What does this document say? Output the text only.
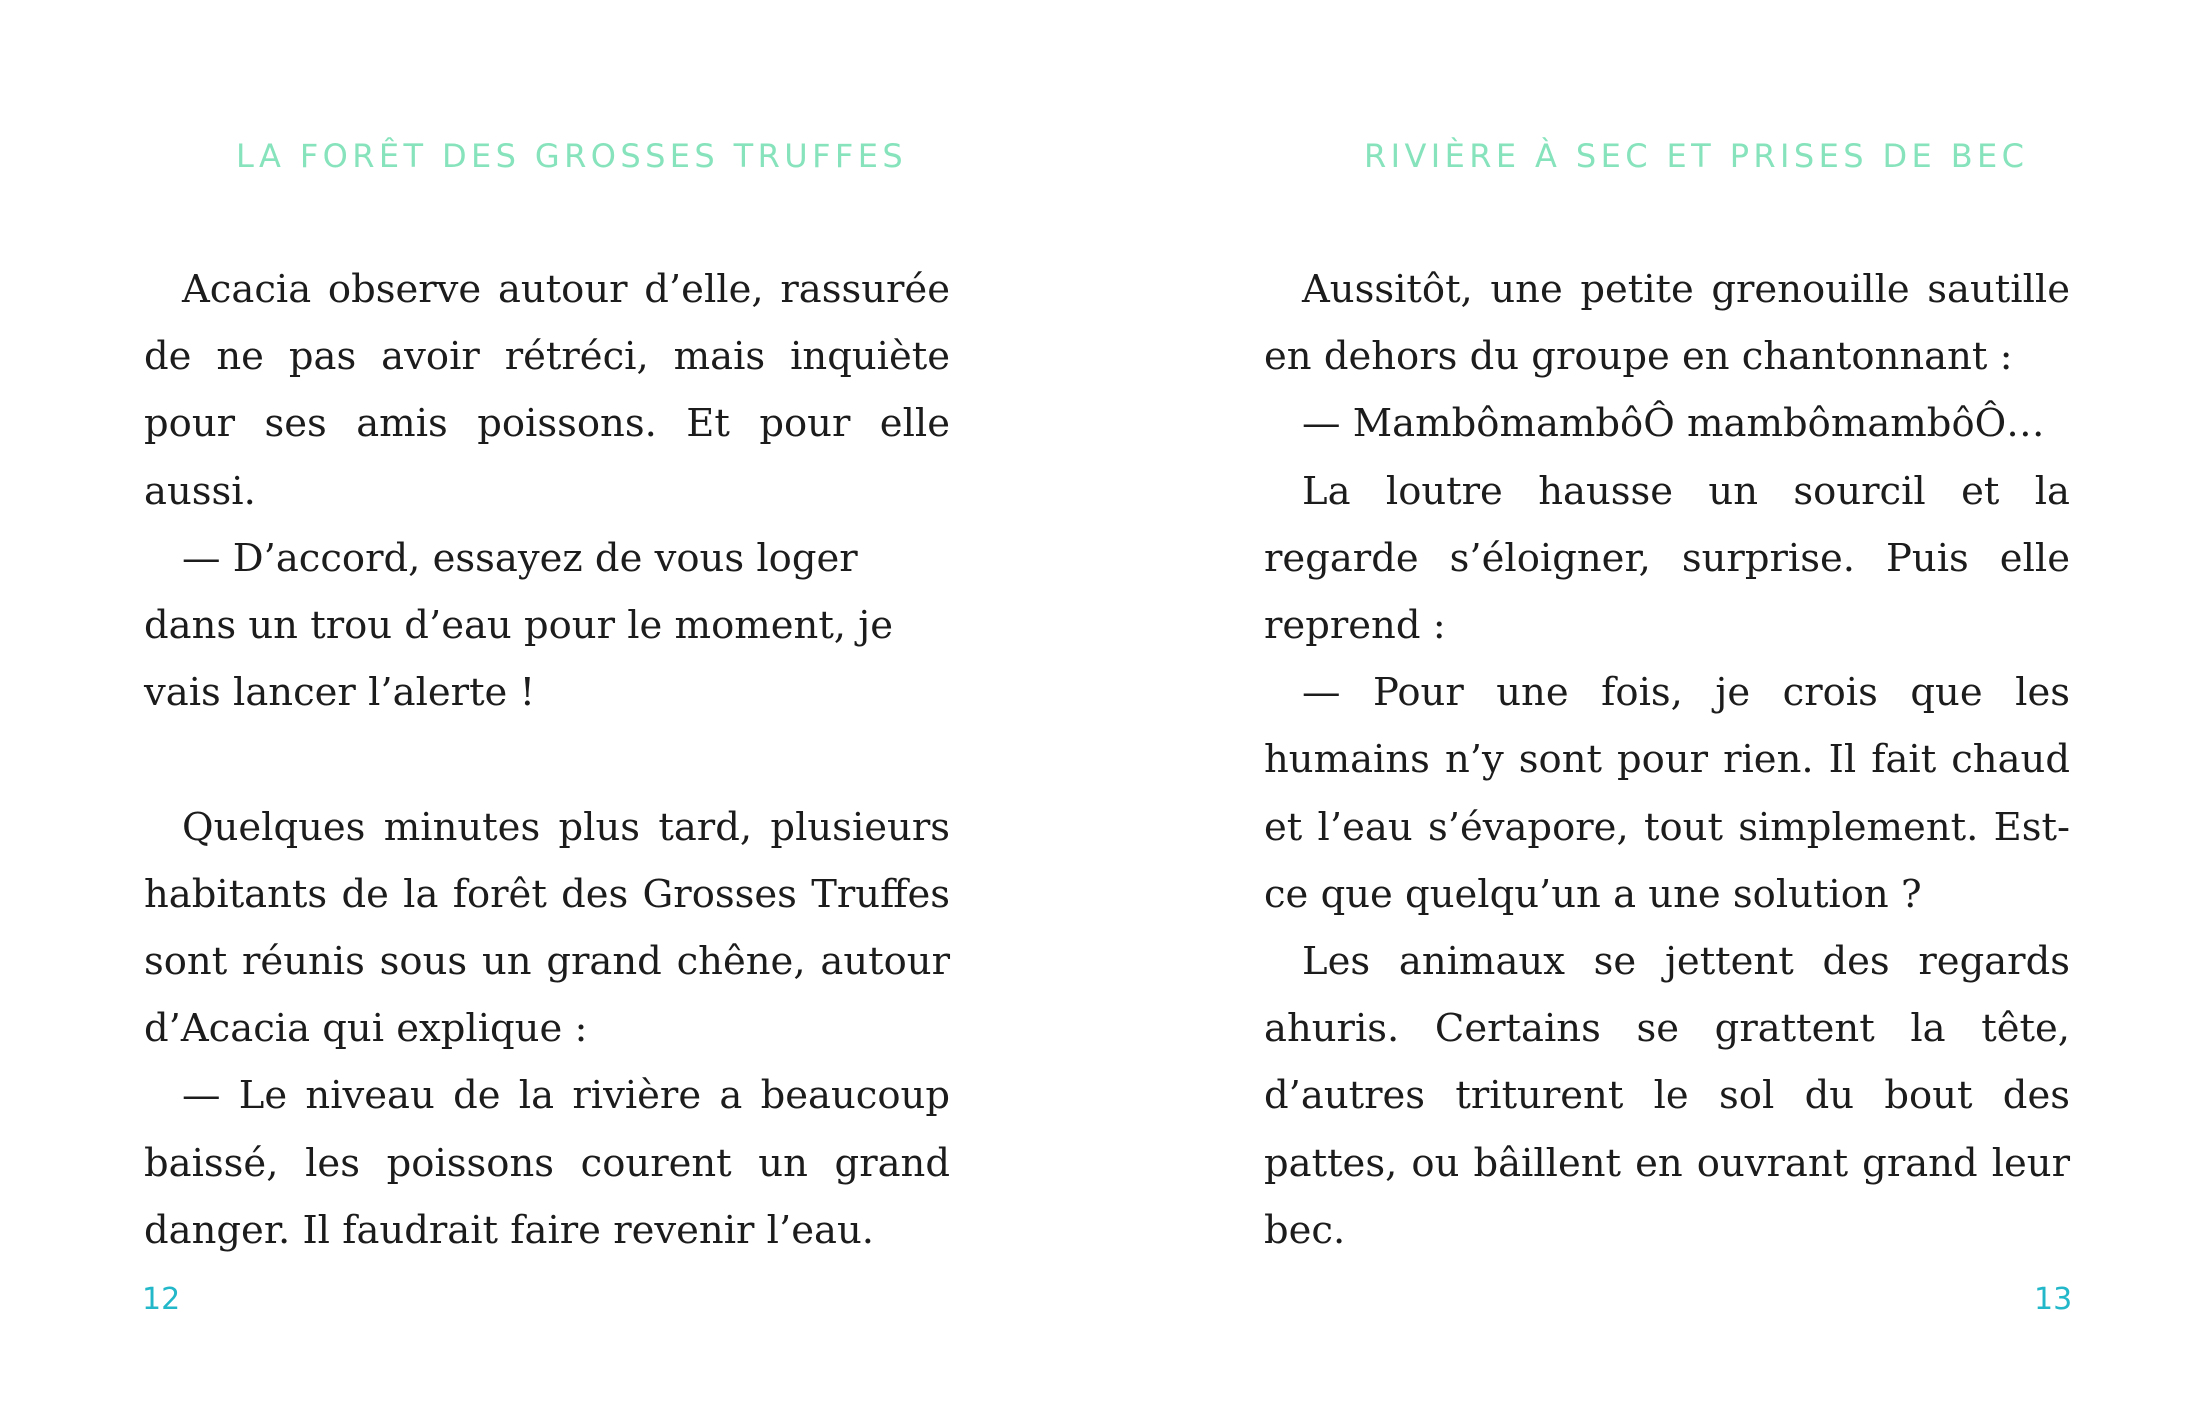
LA FORÊT DES GROSSES TRUFFES

Acacia observe autour d’elle, rassurée de ne pas avoir rétréci, mais inquiète pour ses amis poissons. Et pour elle aussi.

— D’accord, essayez de vous loger dans un trou d’eau pour le moment, je vais lancer l’alerte !

Quelques minutes plus tard, plusieurs habitants de la forêt des Grosses Truffes sont réunis sous un grand chêne, autour d’Acacia qui explique :

— Le niveau de la rivière a beaucoup baissé, les poissons courent un grand danger. Il faudrait faire revenir l’eau.

12
RIVIÈRE À SEC ET PRISES DE BEC

Aussitôt, une petite grenouille sautille en dehors du groupe en chantonnant :

— MambômambôÔ mambômambôÔ…

La loutre hausse un sourcil et la regarde s’éloigner, surprise. Puis elle reprend :

— Pour une fois, je crois que les humains n’y sont pour rien. Il fait chaud et l’eau s’évapore, tout simplement. Est-ce que quelqu’un a une solution ?

Les animaux se jettent des regards ahuris. Certains se grattent la tête, d’autres triturent le sol du bout des pattes, ou bâillent en ouvrant grand leur bec.

13
